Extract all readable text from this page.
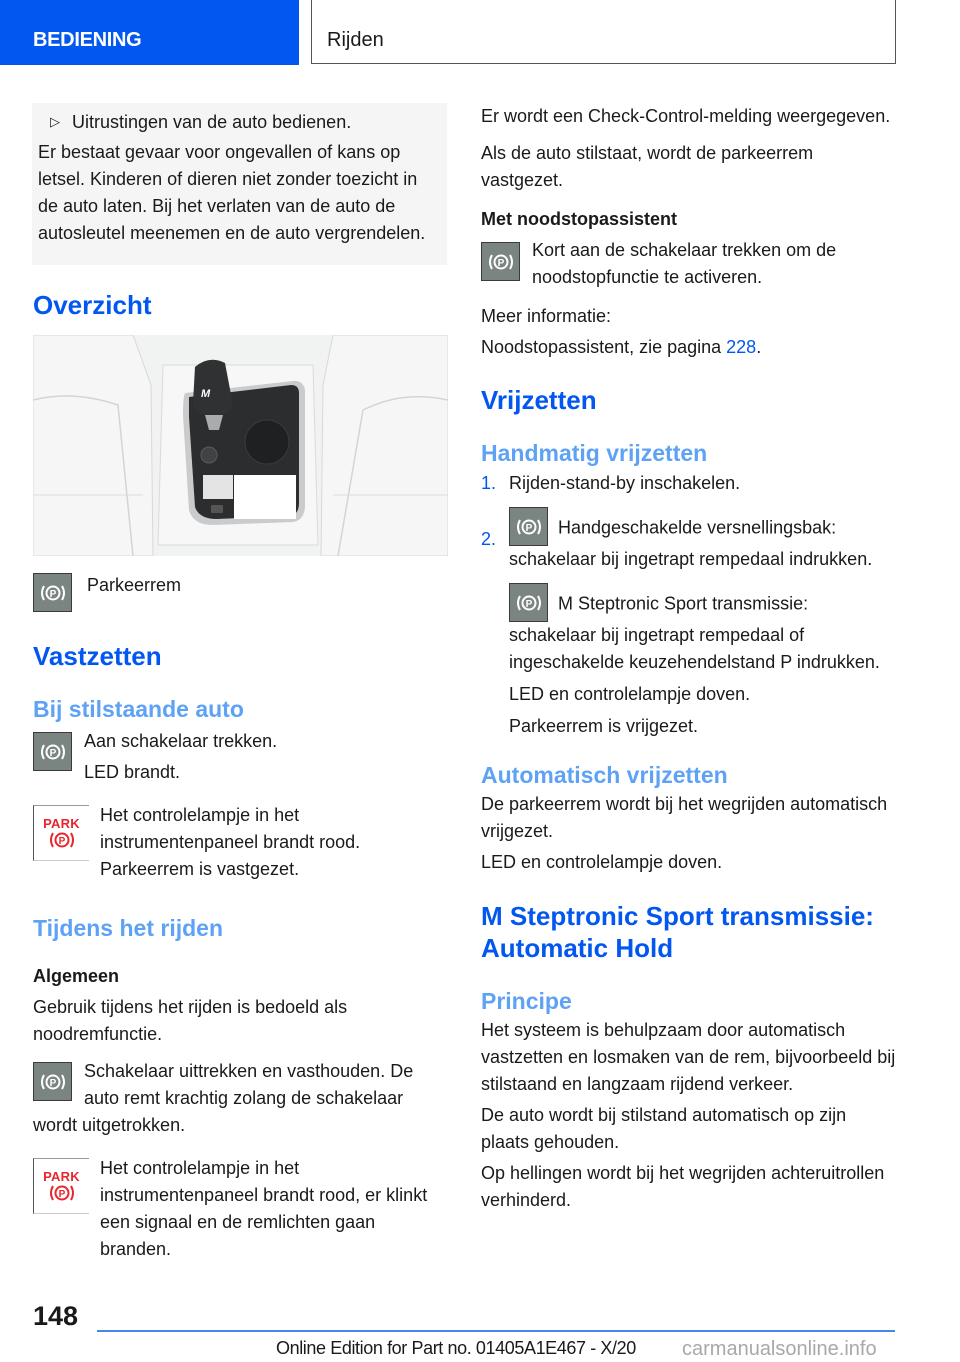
BEDIENING	Rijden
▷ Uitrustingen van de auto bedienen.

Er bestaat gevaar voor ongevallen of kans op letsel. Kinderen of dieren niet zonder toezicht in de auto laten. Bij het verlaten van de auto de autosleutel meenemen en de auto vergrendelen.

Overzicht
M
P Parkeerrem
Vastzetten
Bij stilstaande auto
P

Aan schakelaar trekken.

LED brandt.

PARK
P

Het controlelampje in het instrumentenpaneel brandt rood. Parkeerrem is vastgezet.

Tijdens het rijden
Algemeen

Gebruik tijdens het rijden is bedoeld als noodremfunctie.

P

Schakelaar uittrekken en vasthouden. De auto remt krachtig zolang de schakelaar wordt uitgetrokken.

PARK
P

Het controlelampje in het instrumentenpaneel brandt rood, er klinkt een signaal en de remlichten gaan branden.

Er wordt een Check-Control-melding weergegeven.

Als de auto stilstaat, wordt de parkeerrem vastgezet.

Met noodstopassistent
P

Kort aan de schakelaar trekken om de noodstopfunctie te activeren.

Meer informatie:

Noodstopassistent, zie pagina 228.

Vrijzetten
Handmatig vrijzetten
1. Rijden-stand-by inschakelen.
2.

P Handgeschakelde versnellingsbak: schakelaar bij ingetrapt rempedaal indrukken.

P M Steptronic Sport transmissie: schakelaar bij ingetrapt rempedaal of ingeschakelde keuzehendelstand P indrukken.

LED en controlelampje doven.

Parkeerrem is vrijgezet.

Automatisch vrijzetten

De parkeerrem wordt bij het wegrijden automatisch vrijgezet.

LED en controlelampje doven.

M Steptronic Sport transmissie: Automatic Hold
Principe

Het systeem is behulpzaam door automatisch vastzetten en losmaken van de rem, bijvoorbeeld bij stilstaand en langzaam rijdend verkeer.

De auto wordt bij stilstand automatisch op zijn plaats gehouden.

Op hellingen wordt bij het wegrijden achteruitrollen verhinderd.

148
Online Edition for Part no. 01405A1E467 - X/20 carmanualsonline.info
